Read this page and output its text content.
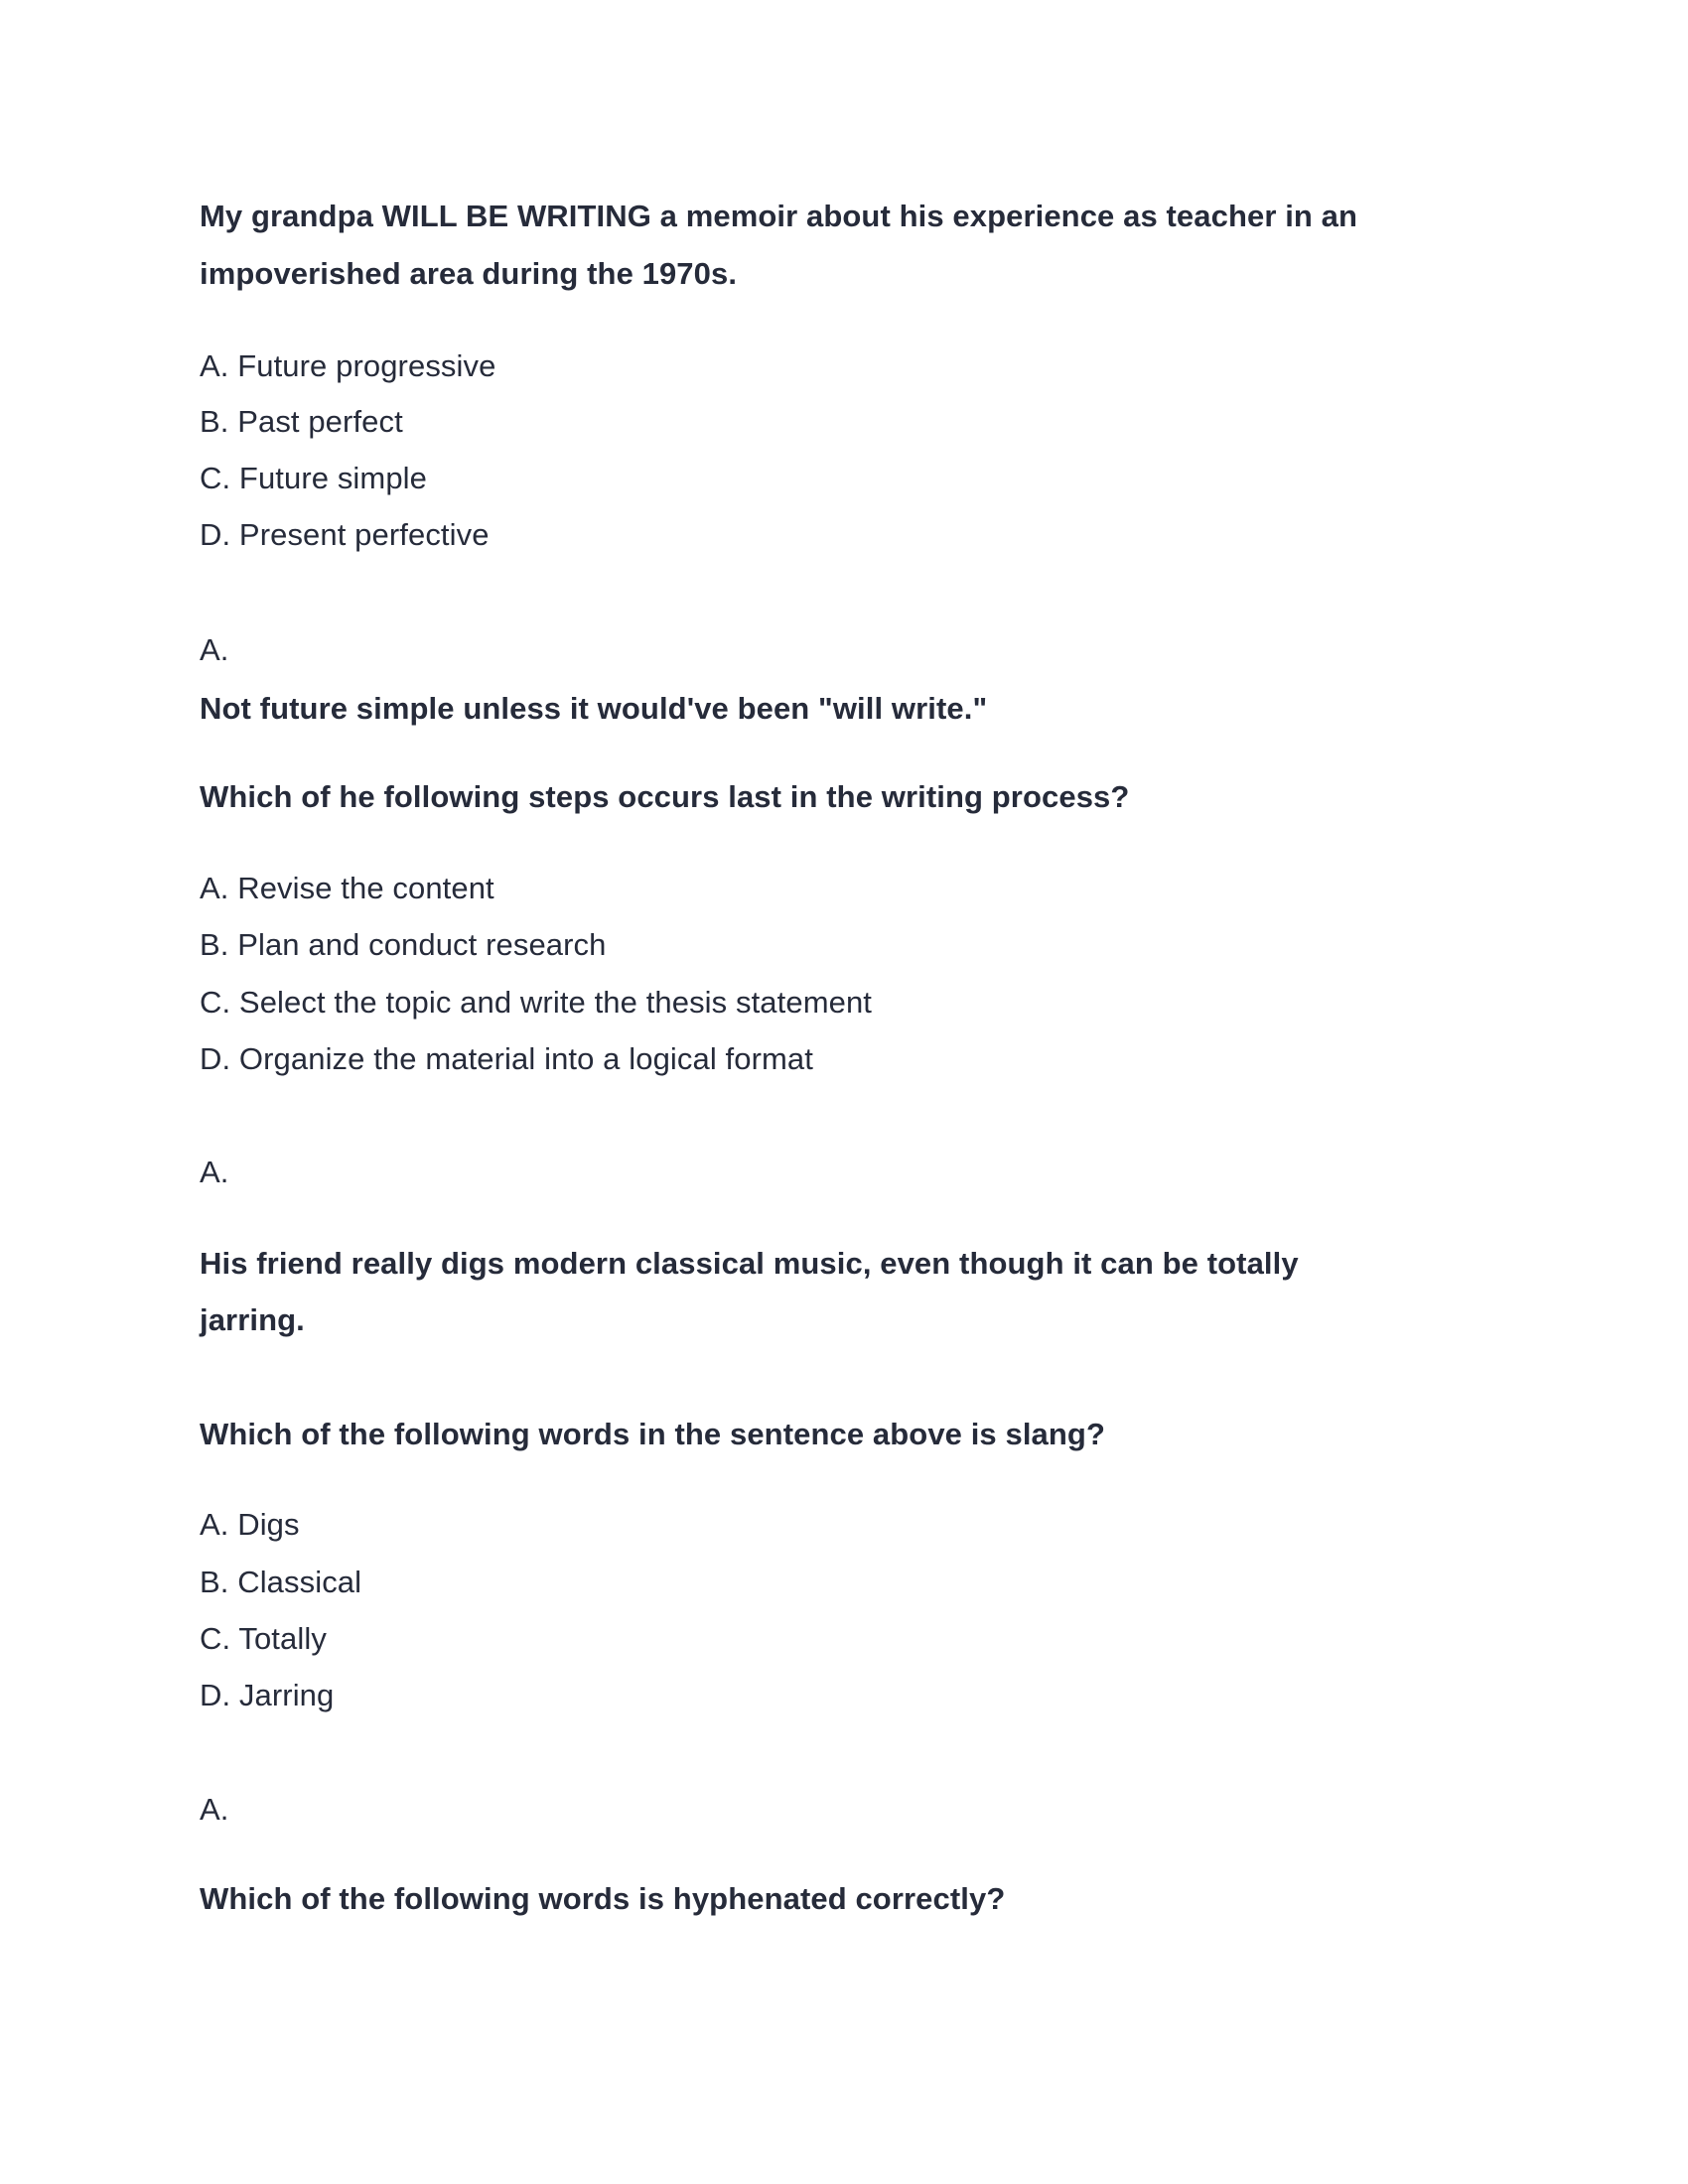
My grandpa WILL BE WRITING a memoir about his experience as teacher in an
impoverished area during the 1970s.
A. Future progressive
B. Past perfect
C. Future simple
D. Present perfective
A.
Not future simple unless it would've been "will write."
Which of he following steps occurs last in the writing process?
A. Revise the content
B. Plan and conduct research
C. Select the topic and write the thesis statement
D. Organize the material into a logical format
A.
His friend really digs modern classical music, even though it can be totally
jarring.
Which of the following words in the sentence above is slang?
A. Digs
B. Classical
C. Totally
D. Jarring
A.
Which of the following words is hyphenated correctly?
